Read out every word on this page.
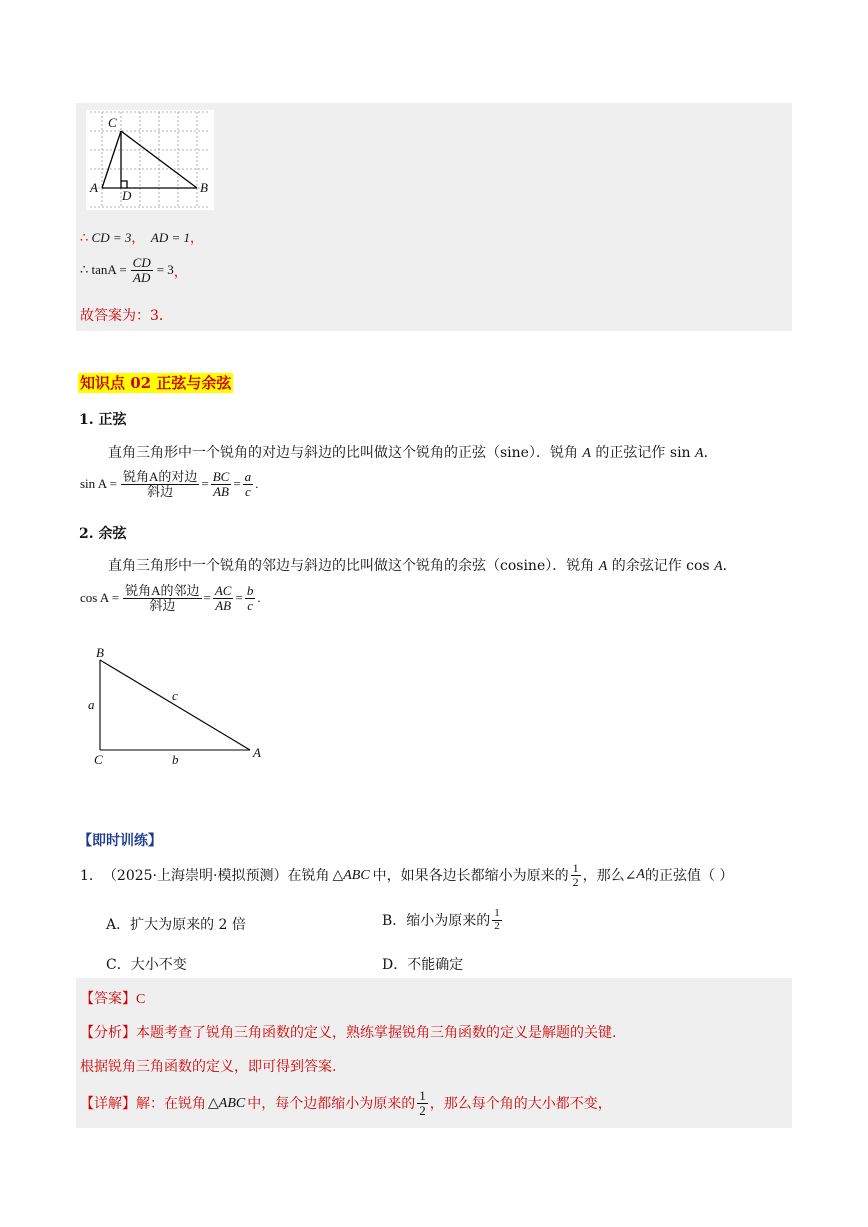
C
A	B
D
∴ CD = 3， AD = 1，
∴ $\tan A = \frac{CD}{AD} = 3$ ，
故答案为：3．
知识点 02 正弦与余弦
1. 正弦
直角三角形中一个锐角的对边与斜边的比叫做这个锐角的正弦（sine）．锐角 A 的正弦记作 sin A．
$\sin A = \frac{\text{锐角A的对边}}{\text{斜边}} = \frac{BC}{AB} = \frac{a}{c}$ .
2. 余弦
直角三角形中一个锐角的邻边与斜边的比叫做这个锐角的余弦（cosine）．锐角 A 的余弦记作 cos A．
$\cos A = \frac{\text{锐角A的邻边}}{\text{斜边}} = \frac{AC}{AB} = \frac{b}{c}$ .
B
C	A
a
b
c
【即时训练】
1． （2025·上海崇明·模拟预测） 在锐角 △ABC 中，如果各边长都缩小为原来的 $\frac{1}{2}$ ，那么∠ A 的正弦值（ ）
A．扩大为原来的 2 倍	B．缩小为原来的 $\frac{1}{2}$
C．大小不变	D．不能确定
【答案】C
【分析】本题考查了锐角三角函数的定义，熟练掌握锐角三角函数的定义是解题的关键.
根据锐角三角函数的定义，即可得到答案.
【详解】 解：在锐角 △ABC 中，每个边都缩小为原来的 $\frac{1}{2}$ ，那么每个角的大小都不变，
